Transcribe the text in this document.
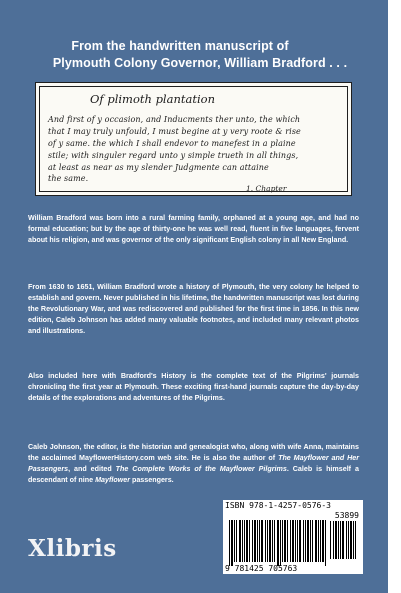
From the handwritten manuscript of
Plymouth Colony Governor, William Bradford . . .
Of plimoth plantation
And first of y occasion, and Inducments ther unto, the which
that I may truly unfould, I must begine at y very roote & rise
of y same. the which I shall endevor to manefest in a plaine
stile; with singuler regard unto y simple trueth in all things,
at least as near as my slender Judgmente can attaine
the same.
1. Chapter

William Bradford was born into a rural farming family, orphaned at a young age, and had no formal education; but by the age of thirty-one he was well read, fluent in five languages, fervent about his religion, and was governor of the only significant English colony in all New England.

From 1630 to 1651, William Bradford wrote a history of Plymouth, the very colony he helped to establish and govern. Never published in his lifetime, the handwritten manuscript was lost during the Revolutionary War, and was rediscovered and published for the first time in 1856. In this new edition, Caleb Johnson has added many valuable footnotes, and included many relevant photos and illustrations.

Also included here with Bradford's History is the complete text of the Pilgrims' journals chronicling the first year at Plymouth. These exciting first-hand journals capture the day-by-day details of the explorations and adventures of the Pilgrims.

Caleb Johnson, the editor, is the historian and genealogist who, along with wife Anna, maintains the acclaimed MayflowerHistory.com web site. He is also the author of The Mayflower and Her Passengers, and edited The Complete Works of the Mayflower Pilgrims. Caleb is himself a descendant of nine Mayflower passengers.

Xlibris
ISBN 978-1-4257-0576-3
53899
9 781425 705763
